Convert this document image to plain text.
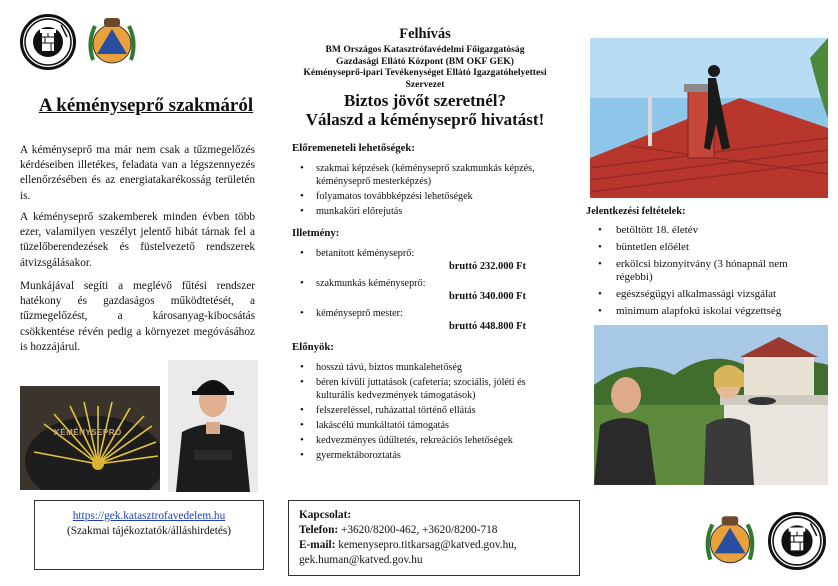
A kéményseprő szakmáról
A kéményseprő ma már nem csak a tűzmegelőzés kérdéseiben illetékes, feladata van a légszennyezés ellenőrzésében és az energiatakarékosság területén is.
A kéményseprő szakemberek minden évben több ezer, valamilyen veszélyt jelentő hibát tárnak fel a tüzelőberendezések és füstelvezető rendszerek átvizsgálásakor.
Munkájával segíti a meglévő fűtési rendszer hatékony és gazdaságos működtetését, a tűzmegelőzést, a károsanyag-kibocsátás csökkentése révén pedig a környezet megóvásához is hozzájárul.
KÉMÉNYSEPRŐ
https://gek.katasztrofavedelem.hu
(Szakmai tájékoztatók/álláshirdetés)
Felhívás
BM Országos Katasztrófavédelmi Főigazgatóság
Gazdasági Ellátó Központ (BM OKF GEK)
Kéményseprő-ipari Tevékenységet Ellátó Igazgatóhelyettesi
Szervezet
Biztos jövőt szeretnél?
Válaszd a kéményseprő hivatást!
Előremeneteli lehetőségek:
• szakmai képzések (kéményseprő szakmunkás képzés, kéményseprő mesterképzés)
• folyamatos továbbképzési lehetőségek
• munkaköri előrejutás
Illetmény:
• betanított kéményseprő:
bruttó 232.000 Ft
• szakmunkás kéményseprő:
bruttó 340.000 Ft
• kéményseprő mester:
bruttó 448.800 Ft
Előnyök:
• hosszú távú, biztos munkalehetőség
• béren kívüli juttatások (cafeteria; szociális, jóléti és kulturális kedvezmények támogatások)
• felszereléssel, ruházattal történő ellátás
• lakáscélú munkáltatói támogatás
• kedvezményes üdültetés, rekreációs lehetőségek
• gyermektáboroztatás
Kapcsolat:
Telefon: +3620/8200-462, +3620/8200-718
E-mail: kemenysepro.titkarsag@katved.gov.hu,
gek.human@katved.gov.hu
Jelentkezési feltételek:
• betöltött 18. életév
• büntetlen előélet
• erkölcsi bizonyítvány (3 hónapnál nem régebbi)
• egészségügyi alkalmassági vizsgálat
• minimum alapfokú iskolai végzettség
